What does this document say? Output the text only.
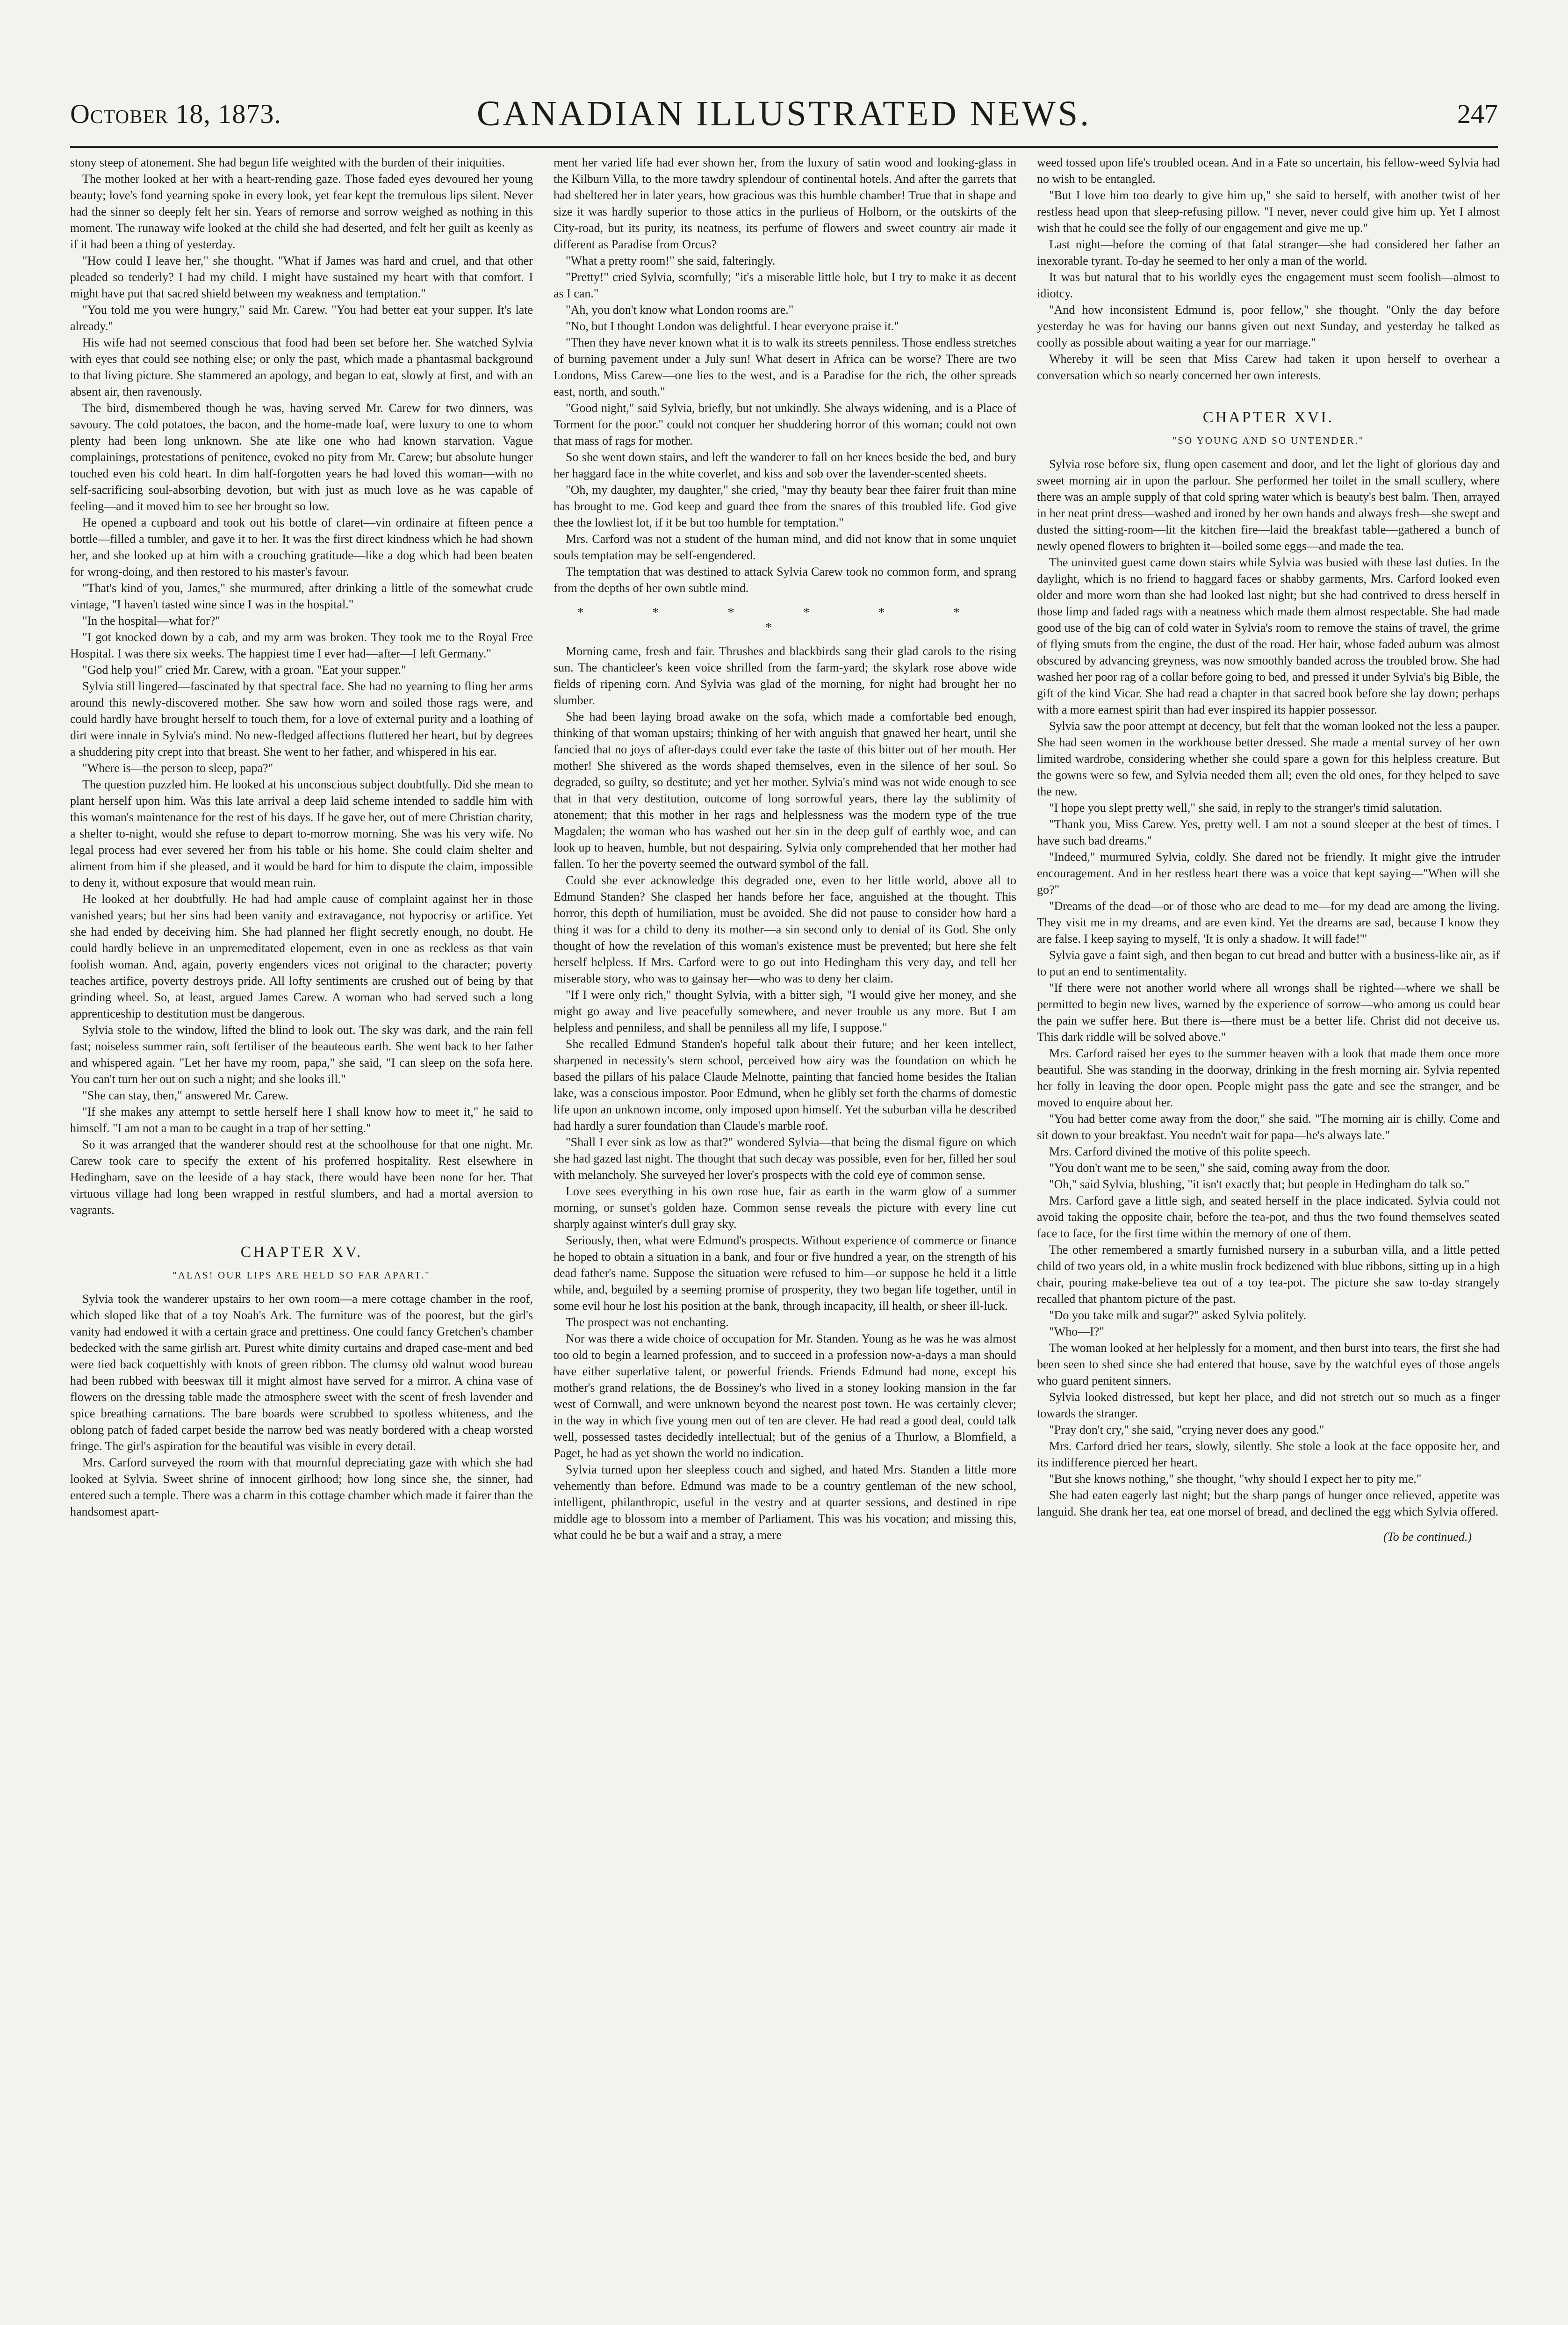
October 18, 1873.	CANADIAN ILLUSTRATED NEWS.	247

stony steep of atonement. She had begun life weighted with the burden of their iniquities.

The mother looked at her with a heart-rending gaze. Those faded eyes devoured her young beauty; love's fond yearning spoke in every look, yet fear kept the tremulous lips silent. Never had the sinner so deeply felt her sin. Years of remorse and sorrow weighed as nothing in this moment. The runaway wife looked at the child she had deserted, and felt her guilt as keenly as if it had been a thing of yesterday.

"How could I leave her," she thought. "What if James was hard and cruel, and that other pleaded so tenderly? I had my child. I might have sustained my heart with that comfort. I might have put that sacred shield between my weakness and temptation."

"You told me you were hungry," said Mr. Carew. "You had better eat your supper. It's late already."

His wife had not seemed conscious that food had been set before her. She watched Sylvia with eyes that could see nothing else; or only the past, which made a phantasmal background to that living picture. She stammered an apology, and began to eat, slowly at first, and with an absent air, then ravenously.

The bird, dismembered though he was, having served Mr. Carew for two dinners, was savoury. The cold potatoes, the bacon, and the home-made loaf, were luxury to one to whom plenty had been long unknown. She ate like one who had known starvation. Vague complainings, protestations of penitence, evoked no pity from Mr. Carew; but absolute hunger touched even his cold heart. In dim half-forgotten years he had loved this woman—with no self-sacrificing soul-absorbing devotion, but with just as much love as he was capable of feeling—and it moved him to see her brought so low.

He opened a cupboard and took out his bottle of claret—vin ordinaire at fifteen pence a bottle—filled a tumbler, and gave it to her. It was the first direct kindness which he had shown her, and she looked up at him with a crouching gratitude—like a dog which had been beaten for wrong-doing, and then restored to his master's favour.

"That's kind of you, James," she murmured, after drinking a little of the somewhat crude vintage, "I haven't tasted wine since I was in the hospital."

"In the hospital—what for?"

"I got knocked down by a cab, and my arm was broken. They took me to the Royal Free Hospital. I was there six weeks. The happiest time I ever had—after—I left Germany."

"God help you!" cried Mr. Carew, with a groan. "Eat your supper."

Sylvia still lingered—fascinated by that spectral face. She had no yearning to fling her arms around this newly-discovered mother. She saw how worn and soiled those rags were, and could hardly have brought herself to touch them, for a love of external purity and a loathing of dirt were innate in Sylvia's mind. No new-fledged affections fluttered her heart, but by degrees a shuddering pity crept into that breast. She went to her father, and whispered in his ear.

"Where is—the person to sleep, papa?"

The question puzzled him. He looked at his unconscious subject doubtfully. Did she mean to plant herself upon him. Was this late arrival a deep laid scheme intended to saddle him with this woman's maintenance for the rest of his days. If he gave her, out of mere Christian charity, a shelter to-night, would she refuse to depart to-morrow morning. She was his very wife. No legal process had ever severed her from his table or his home. She could claim shelter and aliment from him if she pleased, and it would be hard for him to dispute the claim, impossible to deny it, without exposure that would mean ruin.

He looked at her doubtfully. He had had ample cause of complaint against her in those vanished years; but her sins had been vanity and extravagance, not hypocrisy or artifice. Yet she had ended by deceiving him. She had planned her flight secretly enough, no doubt. He could hardly believe in an unpremeditated elopement, even in one as reckless as that vain foolish woman. And, again, poverty engenders vices not original to the character; poverty teaches artifice, poverty destroys pride. All lofty sentiments are crushed out of being by that grinding wheel. So, at least, argued James Carew. A woman who had served such a long apprenticeship to destitution must be dangerous.

Sylvia stole to the window, lifted the blind to look out. The sky was dark, and the rain fell fast; noiseless summer rain, soft fertiliser of the beauteous earth. She went back to her father and whispered again. "Let her have my room, papa," she said, "I can sleep on the sofa here. You can't turn her out on such a night; and she looks ill."

"She can stay, then," answered Mr. Carew.

"If she makes any attempt to settle herself here I shall know how to meet it," he said to himself. "I am not a man to be caught in a trap of her setting."

So it was arranged that the wanderer should rest at the schoolhouse for that one night. Mr. Carew took care to specify the extent of his proferred hospitality. Rest elsewhere in Hedingham, save on the leeside of a hay stack, there would have been none for her. That virtuous village had long been wrapped in restful slumbers, and had a mortal aversion to vagrants.

CHAPTER XV.
"ALAS! OUR LIPS ARE HELD SO FAR APART."

Sylvia took the wanderer upstairs to her own room—a mere cottage chamber in the roof, which sloped like that of a toy Noah's Ark. The furniture was of the poorest, but the girl's vanity had endowed it with a certain grace and prettiness. One could fancy Gretchen's chamber bedecked with the same girlish art. Purest white dimity curtains and draped case-ment and bed were tied back coquettishly with knots of green ribbon. The clumsy old walnut wood bureau had been rubbed with beeswax till it might almost have served for a mirror. A china vase of flowers on the dressing table made the atmosphere sweet with the scent of fresh lavender and spice breathing carnations. The bare boards were scrubbed to spotless whiteness, and the oblong patch of faded carpet beside the narrow bed was neatly bordered with a cheap worsted fringe. The girl's aspiration for the beautiful was visible in every detail.

Mrs. Carford surveyed the room with that mournful depreciating gaze with which she had looked at Sylvia. Sweet shrine of innocent girlhood; how long since she, the sinner, had entered such a temple. There was a charm in this cottage chamber which made it fairer than the handsomest apart-

ment her varied life had ever shown her, from the luxury of satin wood and looking-glass in the Kilburn Villa, to the more tawdry splendour of continental hotels. And after the garrets that had sheltered her in later years, how gracious was this humble chamber! True that in shape and size it was hardly superior to those attics in the purlieus of Holborn, or the outskirts of the City-road, but its purity, its neatness, its perfume of flowers and sweet country air made it different as Paradise from Orcus?

"What a pretty room!" she said, falteringly.

"Pretty!" cried Sylvia, scornfully; "it's a miserable little hole, but I try to make it as decent as I can."

"Ah, you don't know what London rooms are."

"No, but I thought London was delightful. I hear everyone praise it."

"Then they have never known what it is to walk its streets penniless. Those endless stretches of burning pavement under a July sun! What desert in Africa can be worse? There are two Londons, Miss Carew—one lies to the west, and is a Paradise for the rich, the other spreads east, north, and south."

"Good night," said Sylvia, briefly, but not unkindly. She always widening, and is a Place of Torment for the poor." could not conquer her shuddering horror of this woman; could not own that mass of rags for mother.

So she went down stairs, and left the wanderer to fall on her knees beside the bed, and bury her haggard face in the white coverlet, and kiss and sob over the lavender-scented sheets.

"Oh, my daughter, my daughter," she cried, "may thy beauty bear thee fairer fruit than mine has brought to me. God keep and guard thee from the snares of this troubled life. God give thee the lowliest lot, if it be but too humble for temptation."

Mrs. Carford was not a student of the human mind, and did not know that in some unquiet souls temptation may be self-engendered.

The temptation that was destined to attack Sylvia Carew took no common form, and sprang from the depths of her own subtle mind.

* * * * * * *

Morning came, fresh and fair. Thrushes and blackbirds sang their glad carols to the rising sun. The chanticleer's keen voice shrilled from the farm-yard; the skylark rose above wide fields of ripening corn. And Sylvia was glad of the morning, for night had brought her no slumber.

She had been laying broad awake on the sofa, which made a comfortable bed enough, thinking of that woman upstairs; thinking of her with anguish that gnawed her heart, until she fancied that no joys of after-days could ever take the taste of this bitter out of her mouth. Her mother! She shivered as the words shaped themselves, even in the silence of her soul. So degraded, so guilty, so destitute; and yet her mother. Sylvia's mind was not wide enough to see that in that very destitution, outcome of long sorrowful years, there lay the sublimity of atonement; that this mother in her rags and helplessness was the modern type of the true Magdalen; the woman who has washed out her sin in the deep gulf of earthly woe, and can look up to heaven, humble, but not despairing. Sylvia only comprehended that her mother had fallen. To her the poverty seemed the outward symbol of the fall.

Could she ever acknowledge this degraded one, even to her little world, above all to Edmund Standen? She clasped her hands before her face, anguished at the thought. This horror, this depth of humiliation, must be avoided. She did not pause to consider how hard a thing it was for a child to deny its mother—a sin second only to denial of its God. She only thought of how the revelation of this woman's existence must be prevented; but here she felt herself helpless. If Mrs. Carford were to go out into Hedingham this very day, and tell her miserable story, who was to gainsay her—who was to deny her claim.

"If I were only rich," thought Sylvia, with a bitter sigh, "I would give her money, and she might go away and live peacefully somewhere, and never trouble us any more. But I am helpless and penniless, and shall be penniless all my life, I suppose."

She recalled Edmund Standen's hopeful talk about their future; and her keen intellect, sharpened in necessity's stern school, perceived how airy was the foundation on which he based the pillars of his palace Claude Melnotte, painting that fancied home besides the Italian lake, was a conscious impostor. Poor Edmund, when he glibly set forth the charms of domestic life upon an unknown income, only imposed upon himself. Yet the suburban villa he described had hardly a surer foundation than Claude's marble roof.

"Shall I ever sink as low as that?" wondered Sylvia—that being the dismal figure on which she had gazed last night. The thought that such decay was possible, even for her, filled her soul with melancholy. She surveyed her lover's prospects with the cold eye of common sense.

Love sees everything in his own rose hue, fair as earth in the warm glow of a summer morning, or sunset's golden haze. Common sense reveals the picture with every line cut sharply against winter's dull gray sky.

Seriously, then, what were Edmund's prospects. Without experience of commerce or finance he hoped to obtain a situation in a bank, and four or five hundred a year, on the strength of his dead father's name. Suppose the situation were refused to him—or suppose he held it a little while, and, beguiled by a seeming promise of prosperity, they two began life together, until in some evil hour he lost his position at the bank, through incapacity, ill health, or sheer ill-luck.

The prospect was not enchanting.

Nor was there a wide choice of occupation for Mr. Standen. Young as he was he was almost too old to begin a learned profession, and to succeed in a profession now-a-days a man should have either superlative talent, or powerful friends. Friends Edmund had none, except his mother's grand relations, the de Bossiney's who lived in a stoney looking mansion in the far west of Cornwall, and were unknown beyond the nearest post town. He was certainly clever; in the way in which five young men out of ten are clever. He had read a good deal, could talk well, possessed tastes decidedly intellectual; but of the genius of a Thurlow, a Blomfield, a Paget, he had as yet shown the world no indication.

Sylvia turned upon her sleepless couch and sighed, and hated Mrs. Standen a little more vehemently than before. Edmund was made to be a country gentleman of the new school, intelligent, philanthropic, useful in the vestry and at quarter sessions, and destined in ripe middle age to blossom into a member of Parliament. This was his vocation; and missing this, what could he be but a waif and a stray, a mere

weed tossed upon life's troubled ocean. And in a Fate so uncertain, his fellow-weed Sylvia had no wish to be entangled.

"But I love him too dearly to give him up," she said to herself, with another twist of her restless head upon that sleep-refusing pillow. "I never, never could give him up. Yet I almost wish that he could see the folly of our engagement and give me up."

Last night—before the coming of that fatal stranger—she had considered her father an inexorable tyrant. To-day he seemed to her only a man of the world.

It was but natural that to his worldly eyes the engagement must seem foolish—almost to idiotcy.

"And how inconsistent Edmund is, poor fellow," she thought. "Only the day before yesterday he was for having our banns given out next Sunday, and yesterday he talked as coolly as possible about waiting a year for our marriage."

Whereby it will be seen that Miss Carew had taken it upon herself to overhear a conversation which so nearly concerned her own interests.

CHAPTER XVI.
"SO YOUNG AND SO UNTENDER."

Sylvia rose before six, flung open casement and door, and let the light of glorious day and sweet morning air in upon the parlour. She performed her toilet in the small scullery, where there was an ample supply of that cold spring water which is beauty's best balm. Then, arrayed in her neat print dress—washed and ironed by her own hands and always fresh—she swept and dusted the sitting-room—lit the kitchen fire—laid the breakfast table—gathered a bunch of newly opened flowers to brighten it—boiled some eggs—and made the tea.

The uninvited guest came down stairs while Sylvia was busied with these last duties. In the daylight, which is no friend to haggard faces or shabby garments, Mrs. Carford looked even older and more worn than she had looked last night; but she had contrived to dress herself in those limp and faded rags with a neatness which made them almost respectable. She had made good use of the big can of cold water in Sylvia's room to remove the stains of travel, the grime of flying smuts from the engine, the dust of the road. Her hair, whose faded auburn was almost obscured by advancing greyness, was now smoothly banded across the troubled brow. She had washed her poor rag of a collar before going to bed, and pressed it under Sylvia's big Bible, the gift of the kind Vicar. She had read a chapter in that sacred book before she lay down; perhaps with a more earnest spirit than had ever inspired its happier possessor.

Sylvia saw the poor attempt at decency, but felt that the woman looked not the less a pauper. She had seen women in the workhouse better dressed. She made a mental survey of her own limited wardrobe, considering whether she could spare a gown for this helpless creature. But the gowns were so few, and Sylvia needed them all; even the old ones, for they helped to save the new.

"I hope you slept pretty well," she said, in reply to the stranger's timid salutation.

"Thank you, Miss Carew. Yes, pretty well. I am not a sound sleeper at the best of times. I have such bad dreams."

"Indeed," murmured Sylvia, coldly. She dared not be friendly. It might give the intruder encouragement. And in her restless heart there was a voice that kept saying—"When will she go?"

"Dreams of the dead—or of those who are dead to me—for my dead are among the living. They visit me in my dreams, and are even kind. Yet the dreams are sad, because I know they are false. I keep saying to myself, 'It is only a shadow. It will fade!'"

Sylvia gave a faint sigh, and then began to cut bread and butter with a business-like air, as if to put an end to sentimentality.

"If there were not another world where all wrongs shall be righted—where we shall be permitted to begin new lives, warned by the experience of sorrow—who among us could bear the pain we suffer here. But there is—there must be a better life. Christ did not deceive us. This dark riddle will be solved above."

Mrs. Carford raised her eyes to the summer heaven with a look that made them once more beautiful. She was standing in the doorway, drinking in the fresh morning air. Sylvia repented her folly in leaving the door open. People might pass the gate and see the stranger, and be moved to enquire about her.

"You had better come away from the door," she said. "The morning air is chilly. Come and sit down to your breakfast. You needn't wait for papa—he's always late."

Mrs. Carford divined the motive of this polite speech.

"You don't want me to be seen," she said, coming away from the door.

"Oh," said Sylvia, blushing, "it isn't exactly that; but people in Hedingham do talk so."

Mrs. Carford gave a little sigh, and seated herself in the place indicated. Sylvia could not avoid taking the opposite chair, before the tea-pot, and thus the two found themselves seated face to face, for the first time within the memory of one of them.

The other remembered a smartly furnished nursery in a suburban villa, and a little petted child of two years old, in a white muslin frock bedizened with blue ribbons, sitting up in a high chair, pouring make-believe tea out of a toy tea-pot. The picture she saw to-day strangely recalled that phantom picture of the past.

"Do you take milk and sugar?" asked Sylvia politely.

"Who—I?"

The woman looked at her helplessly for a moment, and then burst into tears, the first she had been seen to shed since she had entered that house, save by the watchful eyes of those angels who guard penitent sinners.

Sylvia looked distressed, but kept her place, and did not stretch out so much as a finger towards the stranger.

"Pray don't cry," she said, "crying never does any good."

Mrs. Carford dried her tears, slowly, silently. She stole a look at the face opposite her, and its indifference pierced her heart.

"But she knows nothing," she thought, "why should I expect her to pity me."

She had eaten eagerly last night; but the sharp pangs of hunger once relieved, appetite was languid. She drank her tea, eat one morsel of bread, and declined the egg which Sylvia offered.

(To be continued.)
